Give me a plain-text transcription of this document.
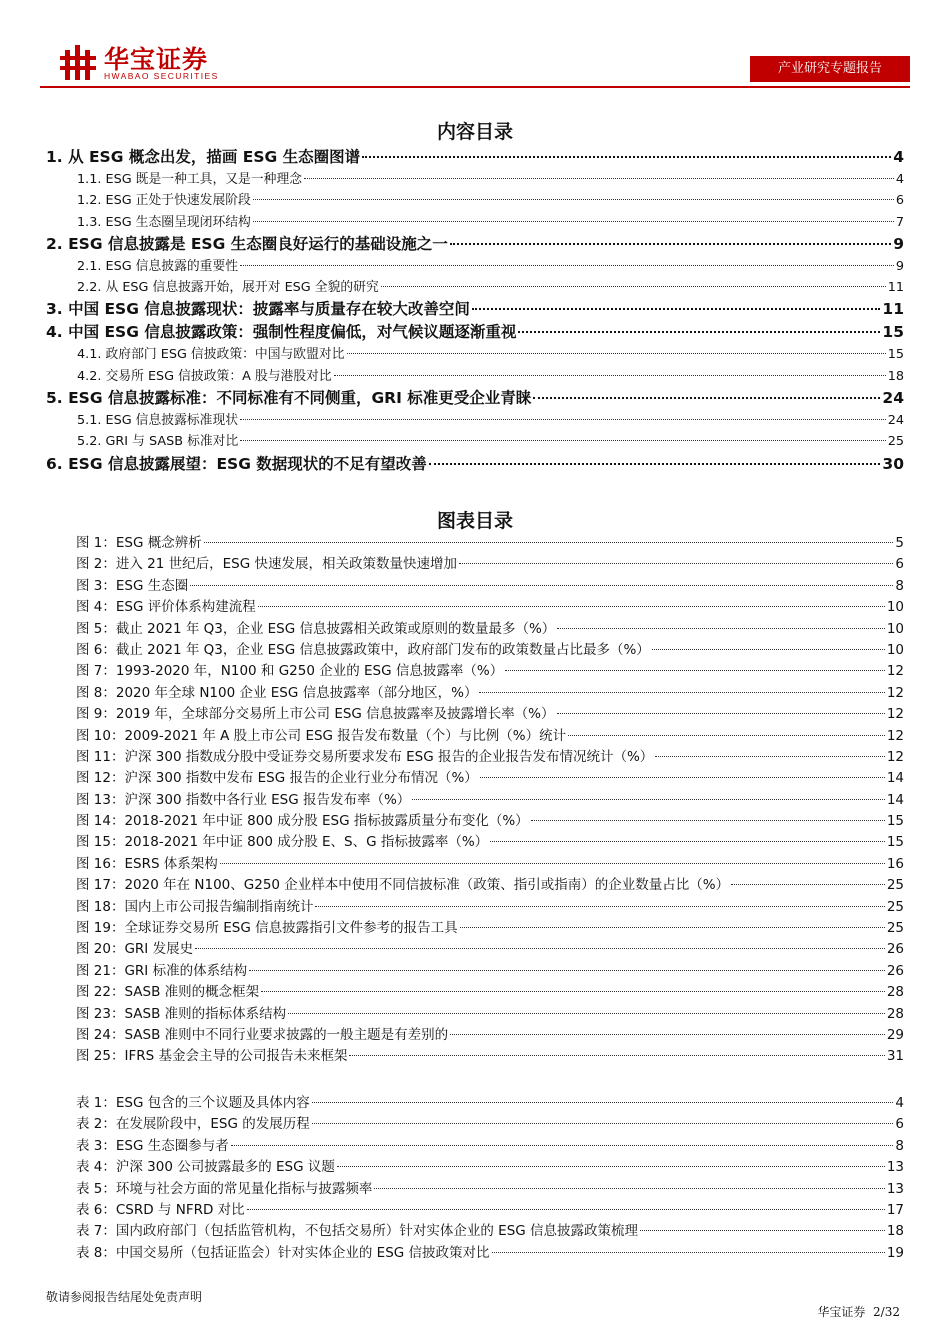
华宝证券
HWABAO SECURITIES	产业研究专题报告
内容目录
1. 从 ESG 概念出发，描画 ESG 生态圈图谱	4
1.1. ESG 既是一种工具，又是一种理念	4
1.2. ESG 正处于快速发展阶段	6
1.3. ESG 生态圈呈现闭环结构	7
2. ESG 信息披露是 ESG 生态圈良好运行的基础设施之一	9
2.1. ESG 信息披露的重要性	9
2.2. 从 ESG 信息披露开始，展开对 ESG 全貌的研究	11
3. 中国 ESG 信息披露现状：披露率与质量存在较大改善空间	11
4. 中国 ESG 信息披露政策：强制性程度偏低，对气候议题逐渐重视	15
4.1. 政府部门 ESG 信披政策：中国与欧盟对比	15
4.2. 交易所 ESG 信披政策：A 股与港股对比	18
5. ESG 信息披露标准：不同标准有不同侧重，GRI 标准更受企业青睐	24
5.1. ESG 信息披露标准现状	24
5.2. GRI 与 SASB 标准对比	25
6. ESG 信息披露展望：ESG 数据现状的不足有望改善	30
图表目录
图 1：ESG 概念辨析	5
图 2：进入 21 世纪后，ESG 快速发展，相关政策数量快速增加	6
图 3：ESG 生态圈	8
图 4：ESG 评价体系构建流程	10
图 5：截止 2021 年 Q3，企业 ESG 信息披露相关政策或原则的数量最多（%）	10
图 6：截止 2021 年 Q3，企业 ESG 信息披露政策中，政府部门发布的政策数量占比最多（%）	10
图 7：1993-2020 年，N100 和 G250 企业的 ESG 信息披露率（%）	12
图 8：2020 年全球 N100 企业 ESG 信息披露率（部分地区，%）	12
图 9：2019 年，全球部分交易所上市公司 ESG 信息披露率及披露增长率（%）	12
图 10：2009-2021 年 A 股上市公司 ESG 报告发布数量（个）与比例（%）统计	12
图 11：沪深 300 指数成分股中受证券交易所要求发布 ESG 报告的企业报告发布情况统计（%）	12
图 12：沪深 300 指数中发布 ESG 报告的企业行业分布情况（%）	14
图 13：沪深 300 指数中各行业 ESG 报告发布率（%）	14
图 14：2018-2021 年中证 800 成分股 ESG 指标披露质量分布变化（%）	15
图 15：2018-2021 年中证 800 成分股 E、S、G 指标披露率（%）	15
图 16：ESRS 体系架构	16
图 17：2020 年在 N100、G250 企业样本中使用不同信披标准（政策、指引或指南）的企业数量占比（%）	25
图 18：国内上市公司报告编制指南统计	25
图 19：全球证券交易所 ESG 信息披露指引文件参考的报告工具	25
图 20：GRI 发展史	26
图 21：GRI 标准的体系结构	26
图 22：SASB 准则的概念框架	28
图 23：SASB 准则的指标体系结构	28
图 24：SASB 准则中不同行业要求披露的一般主题是有差别的	29
图 25：IFRS 基金会主导的公司报告未来框架	31
表 1：ESG 包含的三个议题及具体内容	4
表 2：在发展阶段中，ESG 的发展历程	6
表 3：ESG 生态圈参与者	8
表 4：沪深 300 公司披露最多的 ESG 议题	13
表 5：环境与社会方面的常见量化指标与披露频率	13
表 6：CSRD 与 NFRD 对比	17
表 7：国内政府部门（包括监管机构，不包括交易所）针对实体企业的 ESG 信息披露政策梳理	18
表 8：中国交易所（包括证监会）针对实体企业的 ESG 信披政策对比	19
敬请参阅报告结尾处免责声明
华宝证券 2/32
